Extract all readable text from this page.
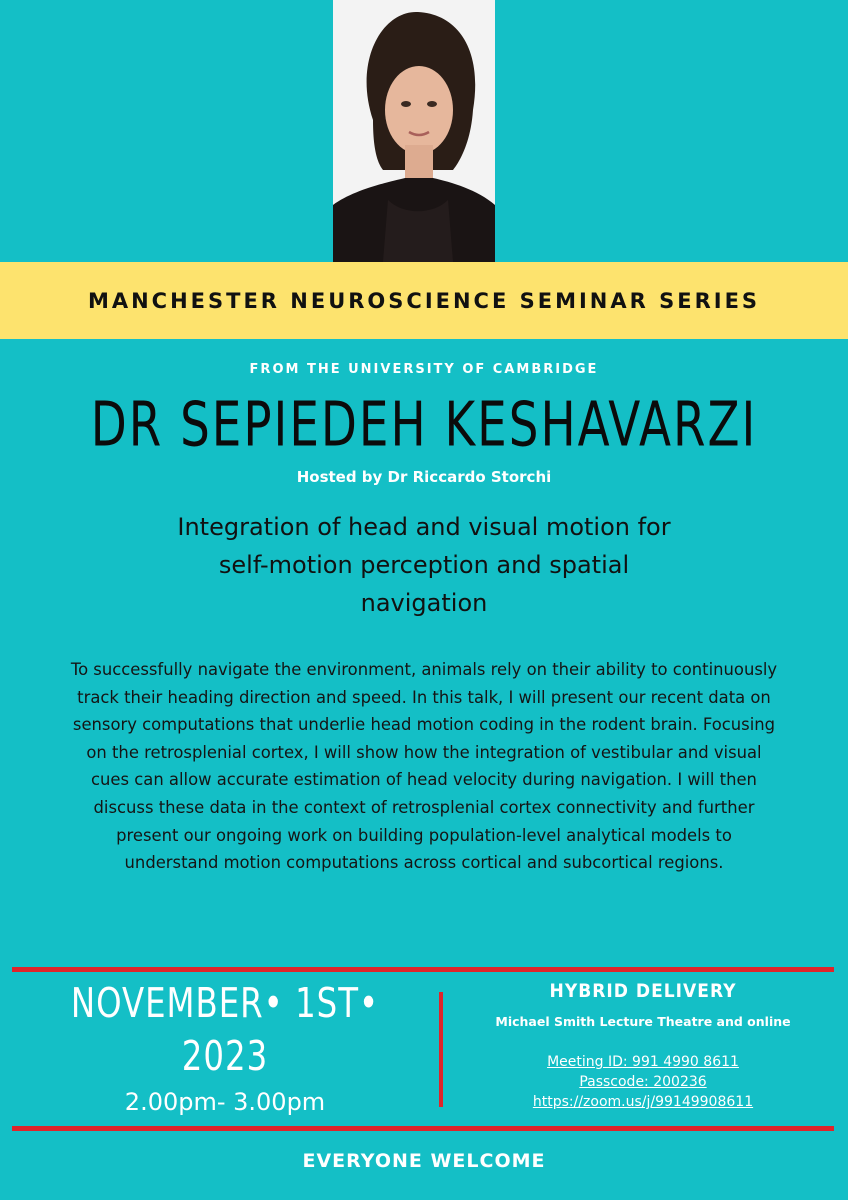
MANCHESTER NEUROSCIENCE SEMINAR SERIES
FROM THE UNIVERSITY OF CAMBRIDGE
DR SEPIEDEH KESHAVARZI
Hosted by Dr Riccardo Storchi
Integration of head and visual motion for
self-motion perception and spatial
navigation
To successfully navigate the environment, animals rely on their ability to continuously track their heading direction and speed. In this talk, I will present our recent data on sensory computations that underlie head motion coding in the rodent brain. Focusing on the retrosplenial cortex, I will show how the integration of vestibular and visual cues can allow accurate estimation of head velocity during navigation. I will then discuss these data in the context of retrosplenial cortex connectivity and further present our ongoing work on building population-level analytical models to understand motion computations across cortical and subcortical regions.
NOVEMBER• 1ST•
2023
2.00pm- 3.00pm
HYBRID DELIVERY
Michael Smith Lecture Theatre and online
Meeting ID: 991 4990 8611
Passcode: 200236
https://zoom.us/j/99149908611
EVERYONE WELCOME
